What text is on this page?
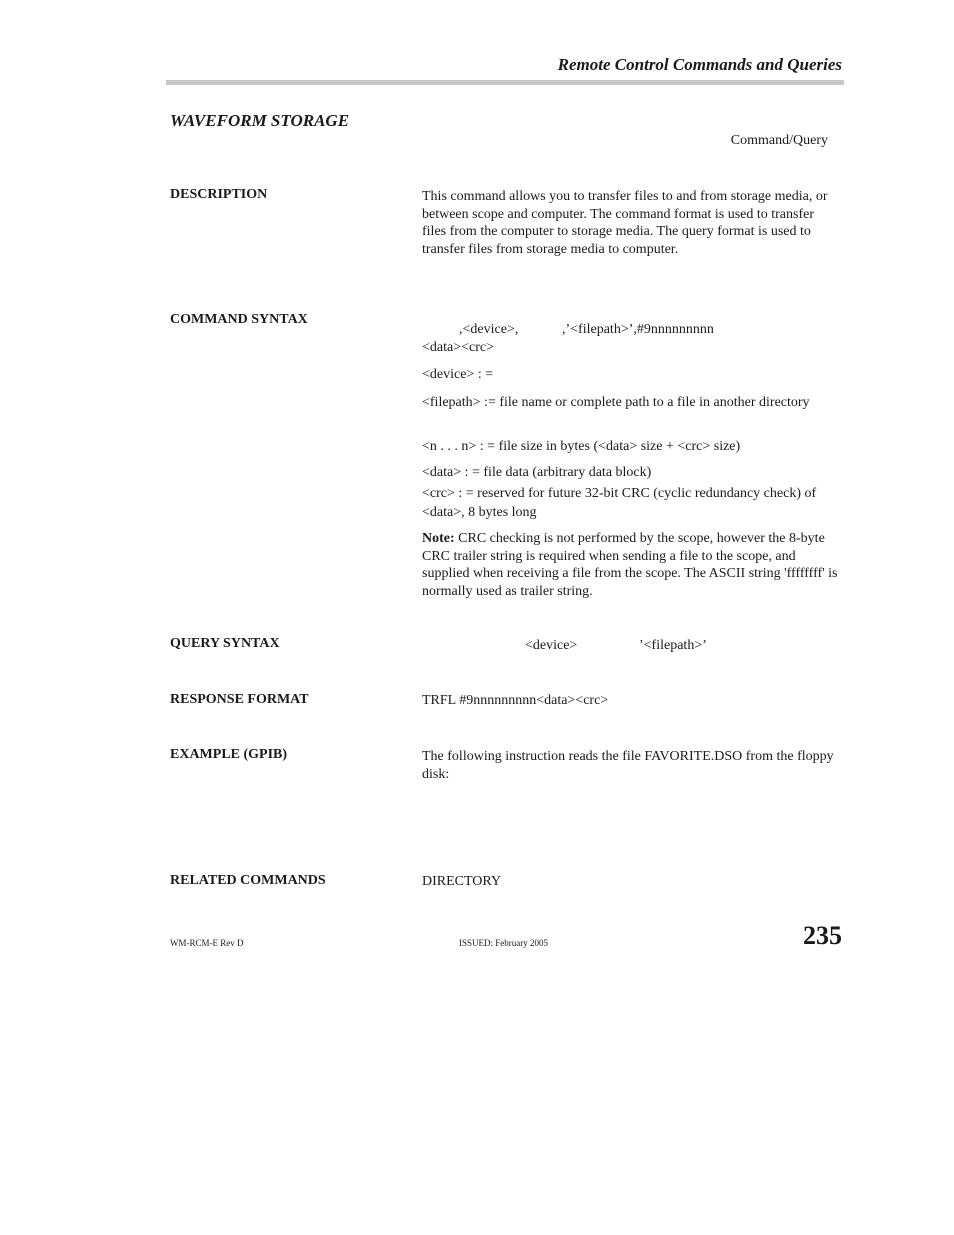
Remote Control Commands and Queries
WAVEFORM STORAGE
Command/Query
DESCRIPTION	This command allows you to transfer files to and from storage media, or between scope and computer. The command format is used to transfer files from the computer to storage media. The query format is used to transfer files from storage media to computer.
COMMAND SYNTAX
,<device>,	,’<filepath>’,#9nnnnnnnnn
<data><crc>
<device> : =
<filepath> := file name or complete path to a file in another directory
<n . . . n> : = file size in bytes (<data> size + <crc> size)
<data> : = file data (arbitrary data block)
<crc> : = reserved for future 32-bit CRC (cyclic redundancy check) of <data>, 8 bytes long
Note: CRC checking is not performed by the scope, however the 8-byte CRC trailer string is required when sending a file to the scope, and supplied when receiving a file from the scope. The ASCII string 'ffffffff' is normally used as trailer string.
QUERY SYNTAX	<device>	’<filepath>’
RESPONSE FORMAT	TRFL #9nnnnnnnnn<data><crc>
EXAMPLE (GPIB)	The following instruction reads the file FAVORITE.DSO from the floppy disk:
RELATED COMMANDS	DIRECTORY
WM-RCM-E Rev D	ISSUED: February 2005	235
